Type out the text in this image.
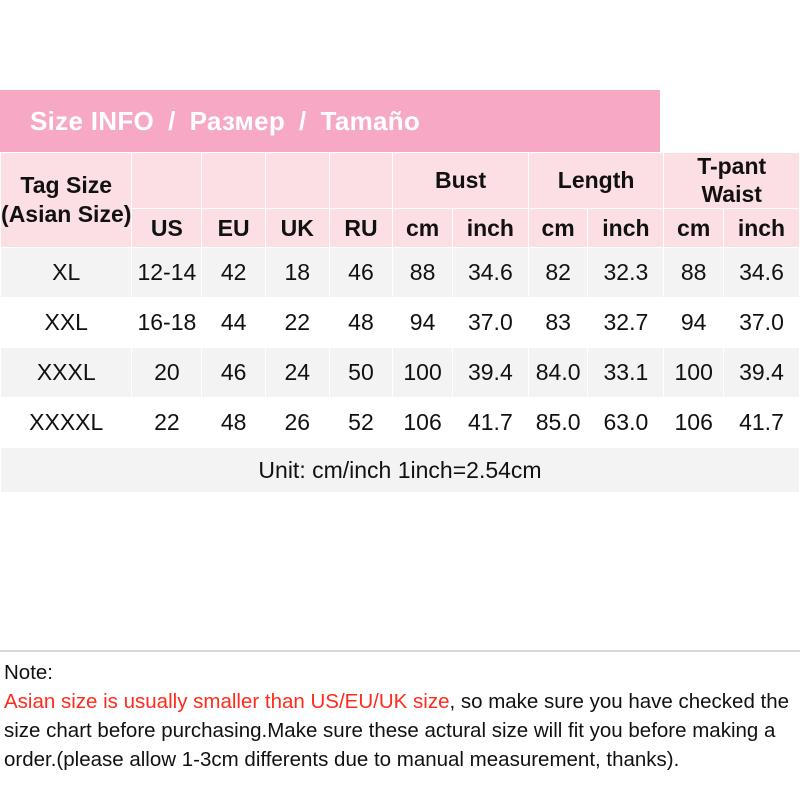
Size INFO / Размер / Tamaño
Tag Size (Asian Size)					Bust		Length		T-pant Waist	

	US	EU	UK	RU	cm	inch	cm	inch	cm	inch
XL	12-14	42	18	46	88	34.6	82	32.3	88	34.6
XXL	16-18	44	22	48	94	37.0	83	32.7	94	37.0
XXXL	20	46	24	50	100	39.4	84.0	33.1	100	39.4
XXXXL	22	48	26	52	106	41.7	85.0	63.0	106	41.7
Unit: cm/inch 1inch=2.54cm										
Note:
Asian size is usually smaller than US/EU/UK size, so make sure you have checked the size chart before purchasing.Make sure these actural size will fit you before making a order.(please allow 1-3cm differents due to manual measurement, thanks).
